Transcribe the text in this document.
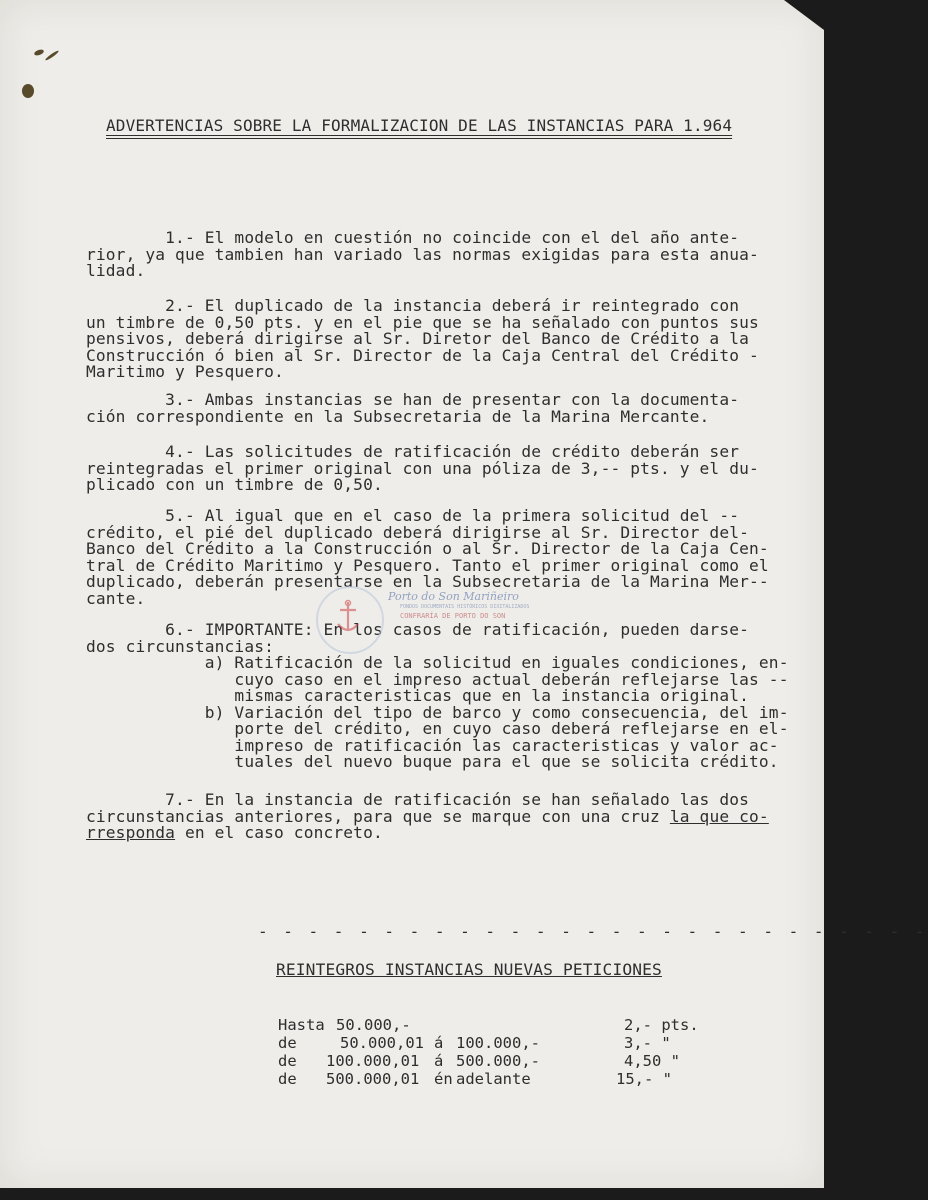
ADVERTENCIAS SOBRE LA FORMALIZACION DE LAS INSTANCIAS PARA 1.964
1.- El modelo en cuestión no coincide con el del año ante-
rior, ya que tambien han variado las normas exigidas para esta anua-
lidad.
2.- El duplicado de la instancia deberá ir reintegrado con
un timbre de 0,50 pts. y en el pie que se ha señalado con puntos sus
pensivos, deberá dirigirse al Sr. Diretor del Banco de Crédito a la
Construcción ó bien al Sr. Director de la Caja Central del Crédito -
Maritimo y Pesquero.
3.- Ambas instancias se han de presentar con la documenta-
ción correspondiente en la Subsecretaria de la Marina Mercante.
4.- Las solicitudes de ratificación de crédito deberán ser
reintegradas el primer original con una póliza de 3,-- pts. y el du-
plicado con un timbre de 0,50.
5.- Al igual que en el caso de la primera solicitud del --
crédito, el pié del duplicado deberá dirigirse al Sr. Director del-
Banco del Crédito a la Construcción o al Sr. Director de la Caja Cen-
tral de Crédito Maritimo y Pesquero. Tanto el primer original como el
duplicado, deberán presentarse en la Subsecretaria de la Marina Mer--
cante.
6.- IMPORTANTE: En los casos de ratificación, pueden darse-
dos circunstancias:
a) Ratificación de la solicitud en iguales condiciones, en-
cuyo caso en el impreso actual deberán reflejarse las --
mismas caracteristicas que en la instancia original.
b) Variación del tipo de barco y como consecuencia, del im-
porte del crédito, en cuyo caso deberá reflejarse en el-
impreso de ratificación las caracteristicas y valor ac-
tuales del nuevo buque para el que se solicita crédito.
7.- En la instancia de ratificación se han señalado las dos
circunstancias anteriores, para que se marque con una cruz la que co-
rresponda en el caso concreto.
- - - - - - - - - - - - - - - - - - - - - - - - - - -
REINTEGROS INSTANCIAS NUEVAS PETICIONES
Hasta 50.000,-	2,- pts.
de	50.000,01 á 100.000,-	3,- "
de 100.000,01 á 500.000,-	4,50 "
de 500.000,01 én adelante	15,- "
Porto do Son Mariñeiro
FONDOS DOCUMENTAIS HISTÓRICOS DIXITALIZADOS
CONFRARÍA DE PORTO DO SON
